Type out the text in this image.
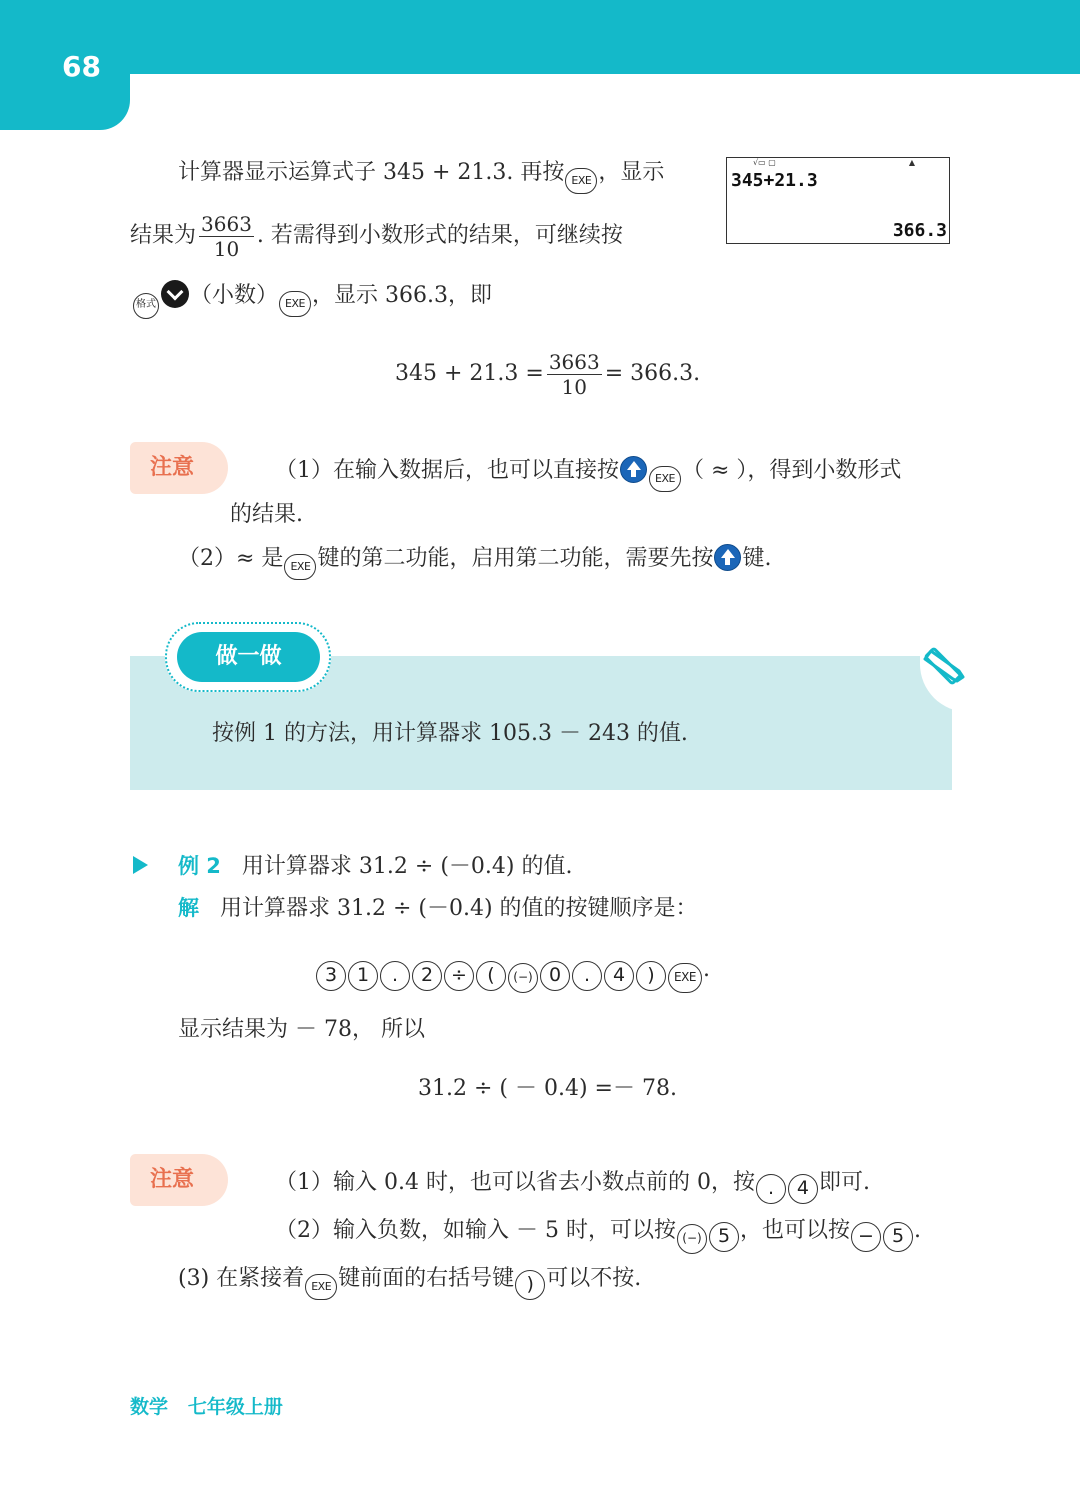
68
计算器显示运算式子 345 + 21.3. 再按 EXE ，显示
结果为 $\frac{3663}{10}$ . 若需得到小数形式的结果，可继续按
格式 （小数） EXE ，显示 366.3，即
√▭ ▢	▲
345+21.3
366.3
$345 + 21.3 = \frac{3663}{10} = 366.3$.
注意	（1）在输入数据后，也可以直接按	EXE （ ≈ ），得到小数形式
的结果.
（2）≈ 是 EXE 键的第二功能，启用第二功能，需要先按 键.
做一做
按例 1 的方法，用计算器求 105.3 － 243 的值.
例 2 用计算器求 31.2 ÷ (－0.4) 的值.
解 用计算器求 31.2 ÷ (－0.4) 的值的按键顺序是：
3 1 . 2 ÷ ( (−) 0 . 4 ) EXE .
显示结果为 － 78， 所以
31.2 ÷ ( － 0.4) =－ 78.
注意	（1）输入 0.4 时，也可以省去小数点前的 0，按 . 4 即可.
（2）输入负数，如输入 － 5 时，可以按 (−) 5 ，也可以按 − 5 .
(3) 在紧接着 EXE 键前面的右括号键 ) 可以不按.
数学 七年级上册
